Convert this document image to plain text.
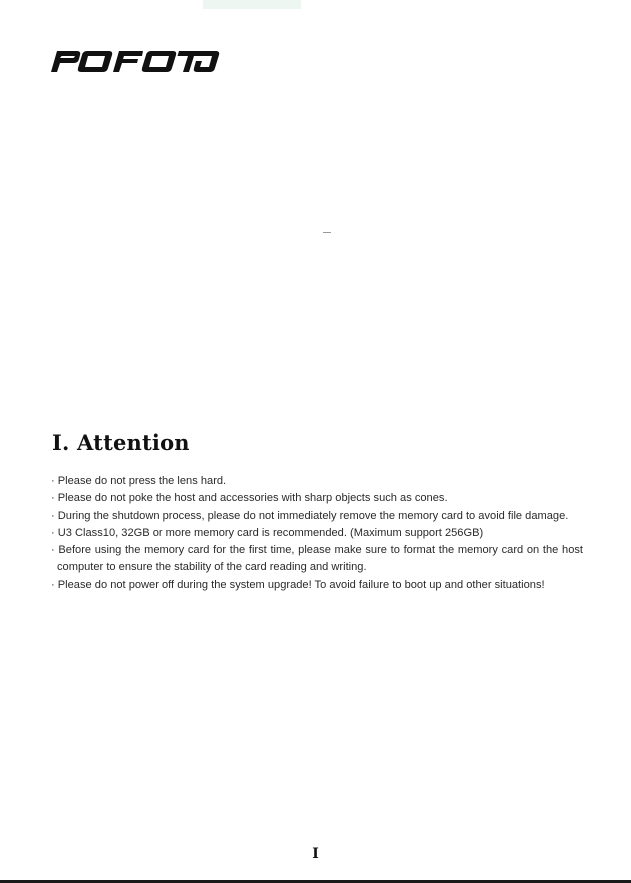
I. Attention
· Please do not press the lens hard.
· Please do not poke the host and accessories with sharp objects such as cones.
· During the shutdown process, please do not immediately remove the memory card to avoid file damage.
· U3 Class10, 32GB or more memory card is recommended. (Maximum support 256GB)
· Before using the memory card for the first time, please make sure to format the memory card on the host computer to ensure the stability of the card reading and writing.
· Please do not power off during the system upgrade! To avoid failure to boot up and other situations!
I
